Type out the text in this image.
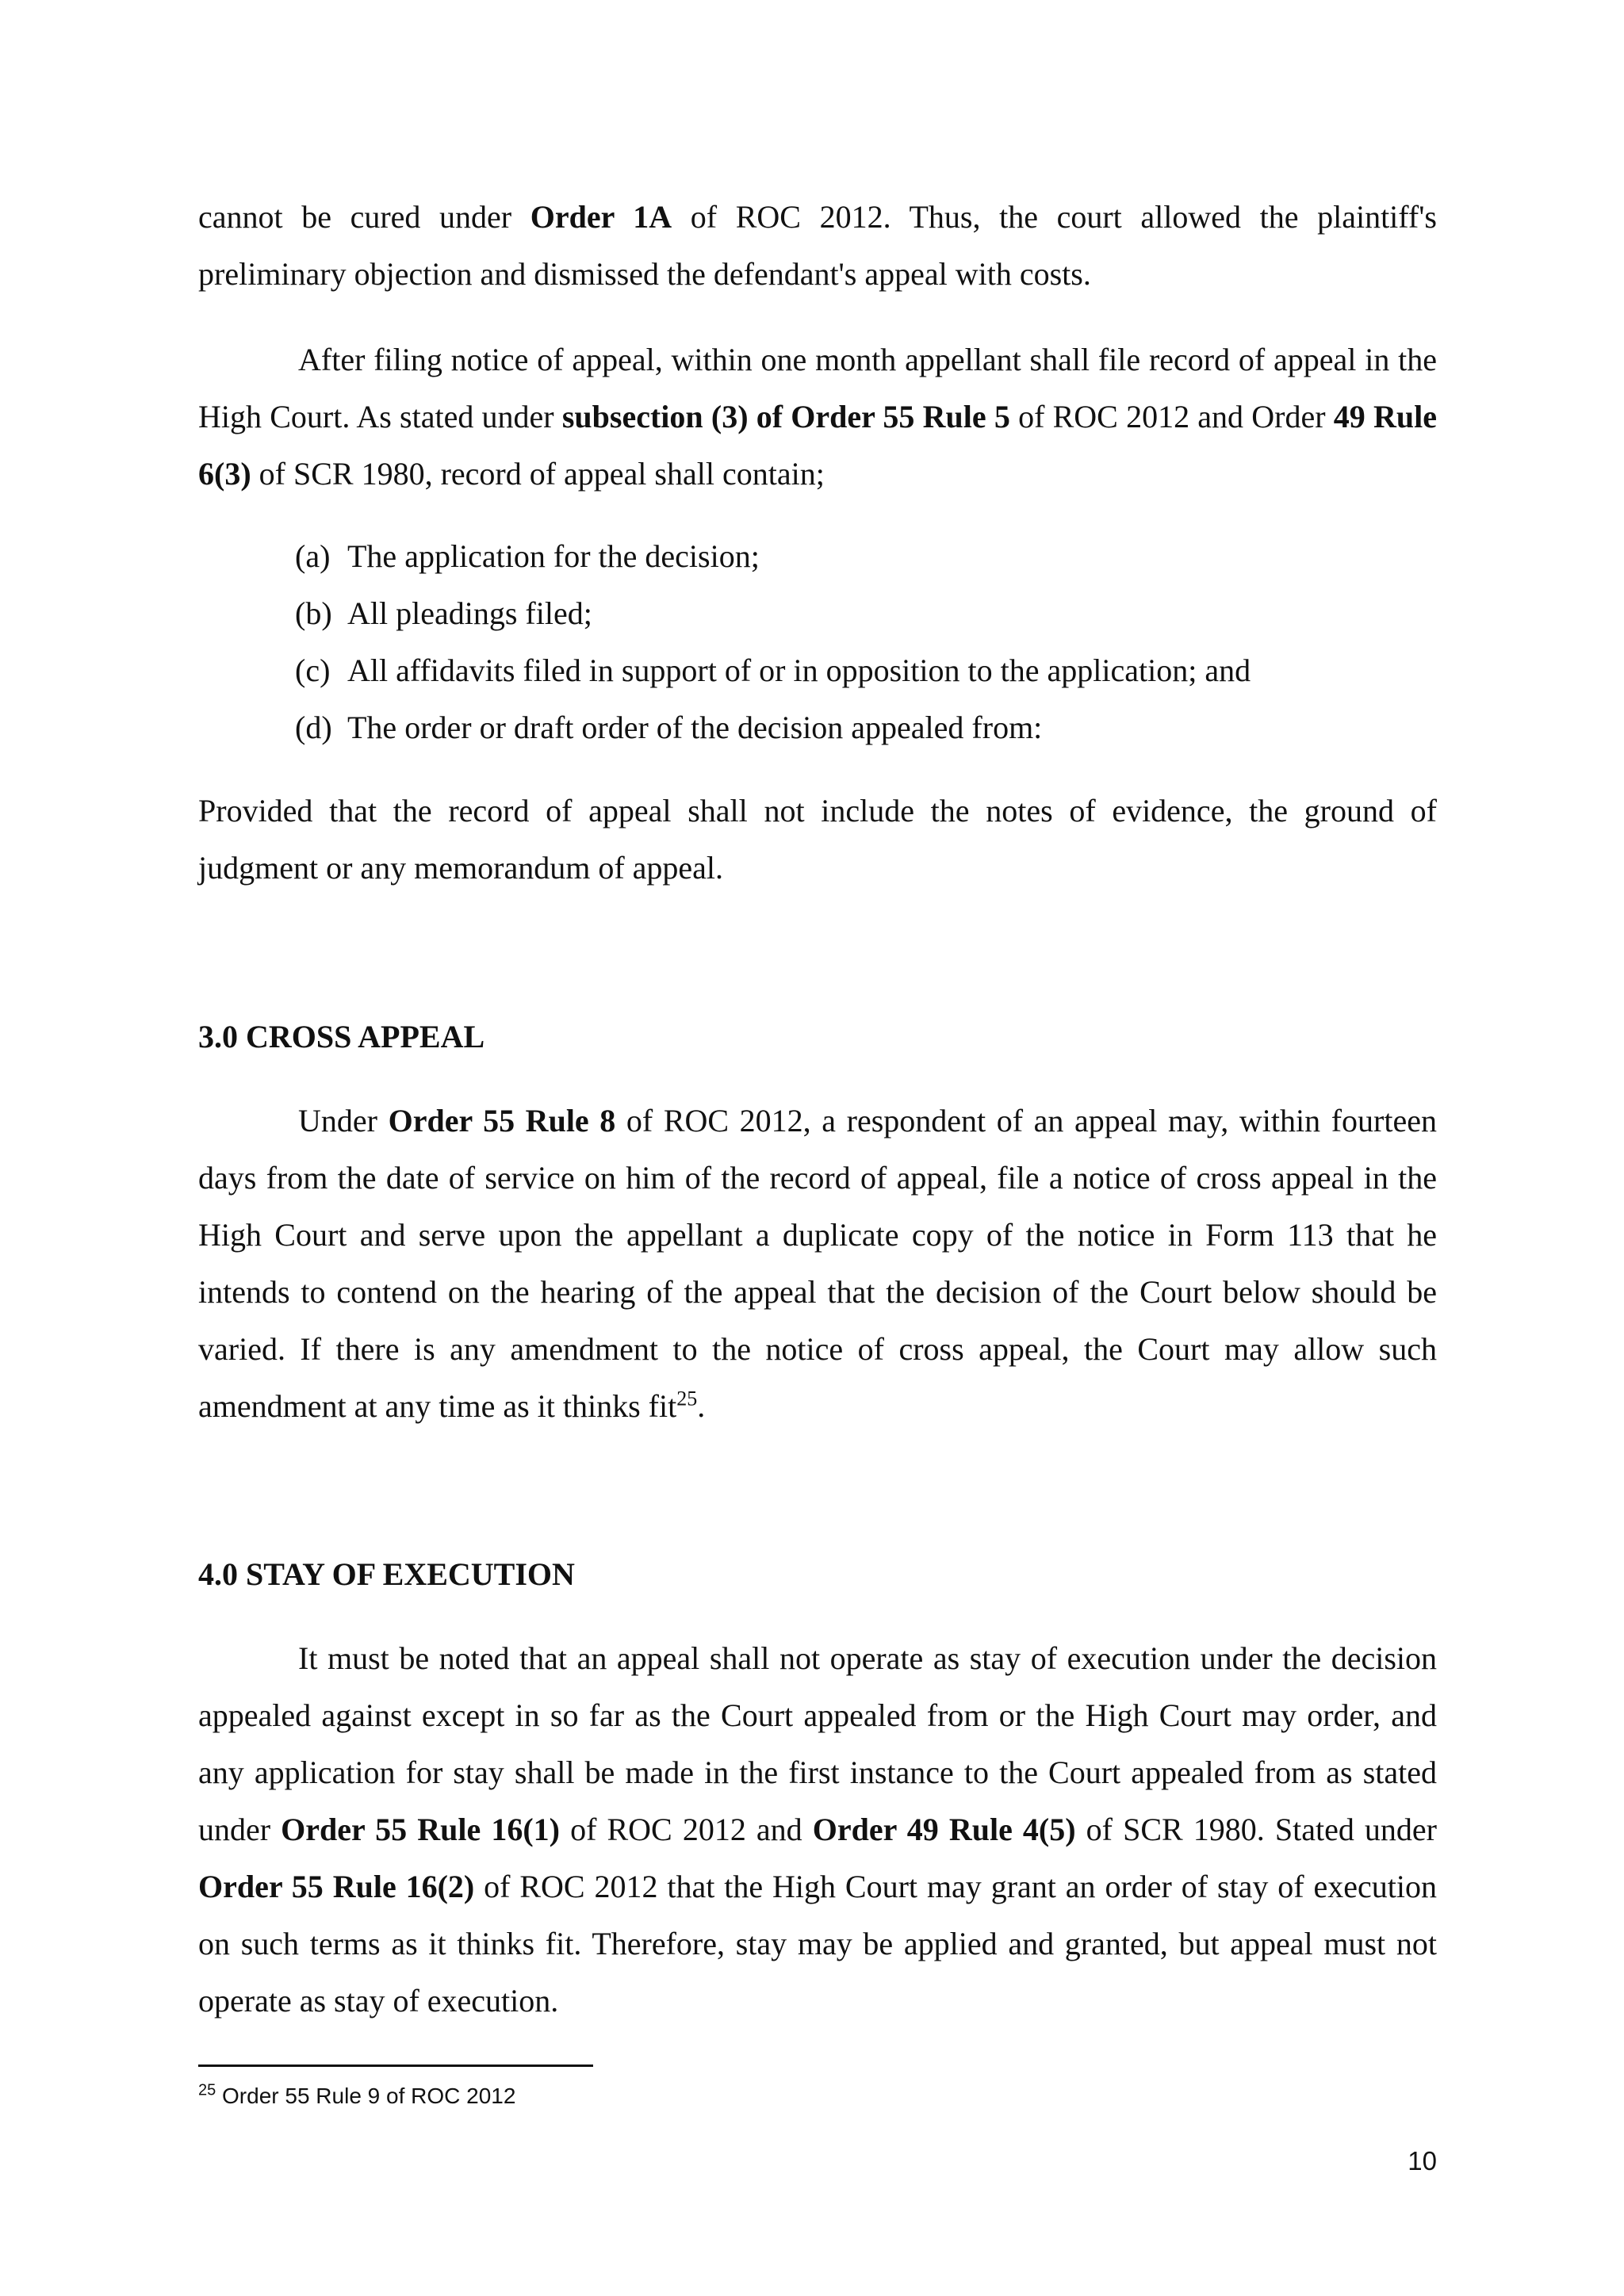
cannot be cured under Order 1A of ROC 2012. Thus, the court allowed the plaintiff's preliminary objection and dismissed the defendant's appeal with costs.

After filing notice of appeal, within one month appellant shall file record of appeal in the High Court. As stated under subsection (3) of Order 55 Rule 5 of ROC 2012 and Order 49 Rule 6(3) of SCR 1980, record of appeal shall contain;

(a) The application for the decision;
(b) All pleadings filed;
(c) All affidavits filed in support of or in opposition to the application; and
(d) The order or draft order of the decision appealed from:

Provided that the record of appeal shall not include the notes of evidence, the ground of judgment or any memorandum of appeal.

3.0 CROSS APPEAL

Under Order 55 Rule 8 of ROC 2012, a respondent of an appeal may, within fourteen days from the date of service on him of the record of appeal, file a notice of cross appeal in the High Court and serve upon the appellant a duplicate copy of the notice in Form 113 that he intends to contend on the hearing of the appeal that the decision of the Court below should be varied. If there is any amendment to the notice of cross appeal, the Court may allow such amendment at any time as it thinks fit$^{25}$.

4.0 STAY OF EXECUTION

It must be noted that an appeal shall not operate as stay of execution under the decision appealed against except in so far as the Court appealed from or the High Court may order, and any application for stay shall be made in the first instance to the Court appealed from as stated under Order 55 Rule 16(1) of ROC 2012 and Order 49 Rule 4(5) of SCR 1980. Stated under Order 55 Rule 16(2) of ROC 2012 that the High Court may grant an order of stay of execution on such terms as it thinks fit. Therefore, stay may be applied and granted, but appeal must not operate as stay of execution.

$^{25}$ Order 55 Rule 9 of ROC 2012

10
